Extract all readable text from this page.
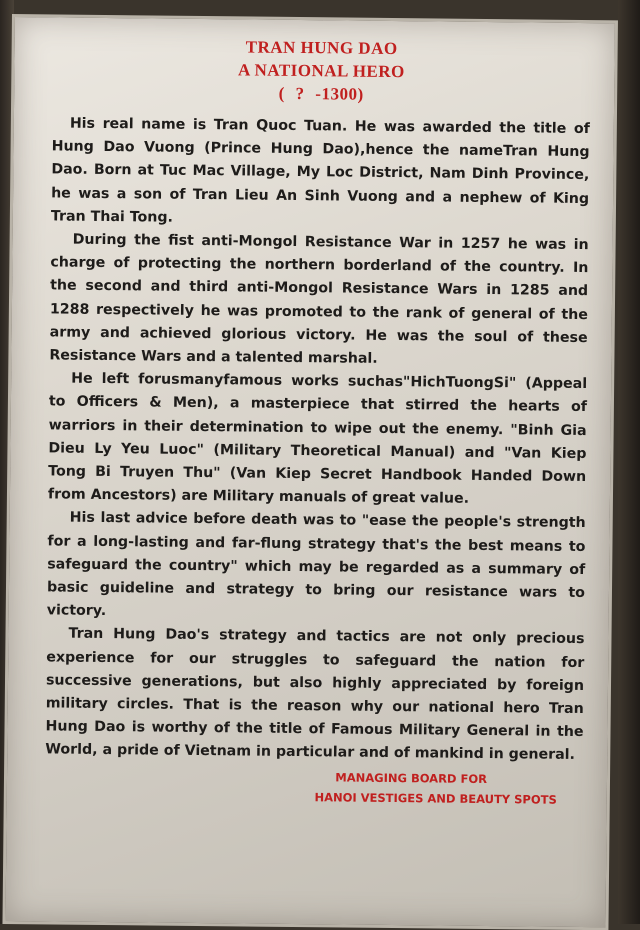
TRAN HUNG DAO
A NATIONAL HERO
( ? -1300)

His real name is Tran Quoc Tuan. He was awarded the title of Hung Dao Vuong (Prince Hung Dao),hence the nameTran Hung Dao. Born at Tuc Mac Village, My Loc District, Nam Dinh Province, he was a son of Tran Lieu An Sinh Vuong and a nephew of King Tran Thai Tong.

During the fist anti-Mongol Resistance War in 1257 he was in charge of protecting the northern borderland of the country. In the second and third anti-Mongol Resistance Wars in 1285 and 1288 respectively he was promoted to the rank of general of the army and achieved glorious victory. He was the soul of these Resistance Wars and a talented marshal.

He left forusmanyfamous works suchas"HichTuongSi" (Appeal to Officers & Men), a masterpiece that stirred the hearts of warriors in their determination to wipe out the enemy. "Binh Gia Dieu Ly Yeu Luoc" (Military Theoretical Manual) and "Van Kiep Tong Bi Truyen Thu" (Van Kiep Secret Handbook Handed Down from Ancestors) are Military manuals of great value.

His last advice before death was to "ease the people's strength for a long-lasting and far-flung strategy that's the best means to safeguard the country" which may be regarded as a summary of basic guideline and strategy to bring our resistance wars to victory.

Tran Hung Dao's strategy and tactics are not only precious experience for our struggles to safeguard the nation for successive generations, but also highly appreciated by foreign military circles. That is the reason why our national hero Tran Hung Dao is worthy of the title of Famous Military General in the World, a pride of Vietnam in particular and of mankind in general.

MANAGING BOARD FOR
HANOI VESTIGES AND BEAUTY SPOTS
